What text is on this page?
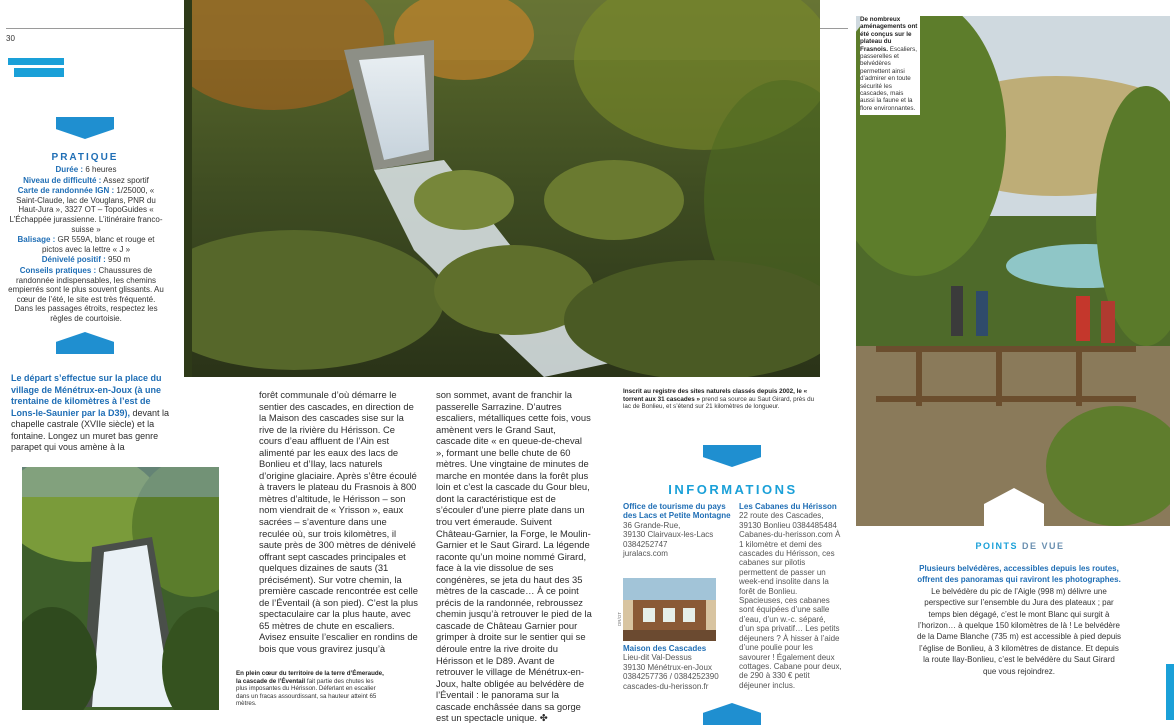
30
PRATIQUE
Durée : 6 heures
Niveau de difficulté : Assez sportif
Carte de randonnée IGN : 1/25000, « Saint-Claude, lac de Vouglans, PNR du Haut-Jura », 3327 OT – TopoGuides « L’Échappée jurassienne. L’itinéraire franco-suisse »
Balisage : GR 559A, blanc et rouge et pictos avec la lettre « J »
Dénivelé positif : 950 m
Conseils pratiques : Chaussures de randonnée indispensables, les chemins empierrés sont le plus souvent glissants. Au cœur de l’été, le site est très fréquenté. Dans les passages étroits, respectez les règles de courtoisie.
Le départ s’effectue sur la place du village de Ménétrux-en-Joux (à une trentaine de kilomètres à l’est de Lons-le-Saunier par la D39), devant la chapelle castrale (XVIIe siècle) et la fontaine. Longez un muret bas genre parapet qui vous amène à la
En plein cœur du territoire de la terre d’Émeraude, la cascade de l’Éventail fait partie des chutes les plus imposantes du Hérisson. Déferlant en escalier dans un fracas assourdissant, sa hauteur atteint 65 mètres.
forêt communale d’où démarre le sentier des cascades, en direction de la Maison des cascades sise sur la rive de la rivière du Hérisson. Ce cours d’eau affluent de l’Ain est alimenté par les eaux des lacs de Bonlieu et d’Ilay, lacs naturels d’origine glaciaire. Après s’être écoulé à travers le plateau du Frasnois à 800 mètres d’altitude, le Hérisson – son nom viendrait de « Yrisson », eaux sacrées – s’aventure dans une reculée où, sur trois kilomètres, il saute près de 300 mètres de dénivelé offrant sept cascades principales et quelques dizaines de sauts (31 précisément). Sur votre chemin, la première cascade rencontrée est celle de l’Éventail (à son pied). C’est la plus spectaculaire car la plus haute, avec 65 mètres de chute en escaliers. Avisez ensuite l’escalier en rondins de bois que vous gravirez jusqu’à
son sommet, avant de franchir la passerelle Sarrazine. D’autres escaliers, métalliques cette fois, vous amènent vers le Grand Saut, cascade dite « en queue-de-cheval », formant une belle chute de 60 mètres. Une vingtaine de minutes de marche en montée dans la forêt plus loin et c’est la cascade du Gour bleu, dont la caractéristique est de s’écouler d’une pierre plate dans un trou vert émeraude. Suivent Château-Garnier, la Forge, le Moulin-Garnier et le Saut Girard. La légende raconte qu’un moine nommé Girard, face à la vie dissolue de ses congénères, se jeta du haut des 35 mètres de la cascade… À ce point précis de la randonnée, rebroussez chemin jusqu’à retrouver le pied de la cascade de Château Garnier pour grimper à droite sur le sentier qui se déroule entre la rive droite du Hérisson et le D89. Avant de retrouver le village de Ménétrux-en-Joux, halte obligée au belvédère de l’Éventail : le panorama sur la cascade enchâssée dans sa gorge est un spectacle unique. ✤
Inscrit au registre des sites naturels classés depuis 2002, le « torrent aux 31 cascades » prend sa source au Saut Girard, près du lac de Bonlieu, et s’étend sur 21 kilomètres de longueur.
De nombreux aménagements ont été conçus sur le plateau du Frasnois. Escaliers, passerelles et belvédères permettent ainsi d’admirer en toute sécurité les cascades, mais aussi la faune et la flore environnantes.
INFORMATIONS
Office de tourisme du pays des Lacs et Petite Montagne
36 Grande-Rue,
39130 Clairvaux-les-Lacs
0384252747
juralacs.com
DR/OT
Maison des Cascades
Lieu-dit Val-Dessus
39130 Ménétrux-en-Joux
0384257736 / 0384252390
cascades-du-herisson.fr
Les Cabanes du Hérisson
22 route des Cascades, 39130 Bonlieu 0384485484 Cabanes-du-herisson.com À 1 kilomètre et demi des cascades du Hérisson, ces cabanes sur pilotis permettent de passer un week-end insolite dans la forêt de Bonlieu. Spacieuses, ces cabanes sont équipées d’une salle d’eau, d’un w.-c. séparé, d’un spa privatif… Les petits déjeuners ? À hisser à l’aide d’une poulie pour les savourer ! Également deux cottages. Cabane pour deux, de 290 à 330 € petit déjeuner inclus.
POINTS DE VUE
Plusieurs belvédères, accessibles depuis les routes, offrent des panoramas qui raviront les photographes. Le belvédère du pic de l’Aigle (998 m) délivre une perspective sur l’ensemble du Jura des plateaux ; par temps bien dégagé, c’est le mont Blanc qui surgit à l’horizon… à quelque 150 kilomètres de là ! Le belvédère de la Dame Blanche (735 m) est accessible à pied depuis l’église de Bonlieu, à 3 kilomètres de distance. Et depuis la route Ilay-Bonlieu, c’est le belvédère du Saut Girard que vous rejoindrez.
